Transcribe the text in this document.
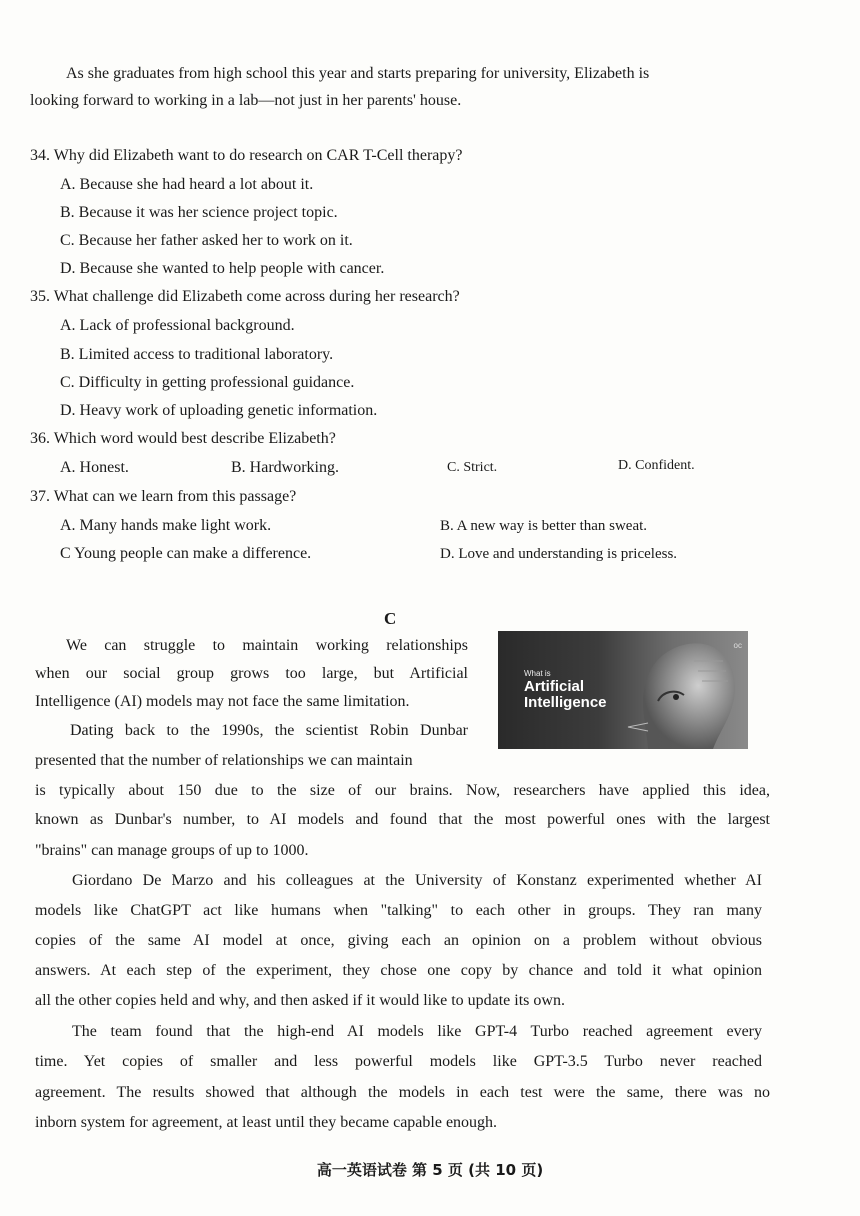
As she graduates from high school this year and starts preparing for university, Elizabeth is
looking forward to working in a lab—not just in her parents' house.
34. Why did Elizabeth want to do research on CAR T-Cell therapy?
A. Because she had heard a lot about it.
B. Because it was her science project topic.
C. Because her father asked her to work on it.
D. Because she wanted to help people with cancer.
35. What challenge did Elizabeth come across during her research?
A. Lack of professional background.
B. Limited access to traditional laboratory.
C. Difficulty in getting professional guidance.
D. Heavy work of uploading genetic information.
36. Which word would best describe Elizabeth?
A. Honest.	B. Hardworking.	C. Strict.	D. Confident.
37. What can we learn from this passage?
A. Many hands make light work.	B. A new way is better than sweat.
C Young people can make a difference.	D. Love and understanding is priceless.
C
What is
Artificial
Intelligence
ос
We can struggle to maintain working relationships
when our social group grows too large, but Artificial
Intelligence (AI) models may not face the same limitation.
Dating back to the 1990s, the scientist Robin Dunbar
presented that the number of relationships we can maintain
is typically about 150 due to the size of our brains. Now, researchers have applied this idea,
known as Dunbar's number, to AI models and found that the most powerful ones with the largest
"brains" can manage groups of up to 1000.
Giordano De Marzo and his colleagues at the University of Konstanz experimented whether AI
models like ChatGPT act like humans when "talking" to each other in groups. They ran many
copies of the same AI model at once, giving each an opinion on a problem without obvious
answers. At each step of the experiment, they chose one copy by chance and told it what opinion
all the other copies held and why, and then asked if it would like to update its own.
The team found that the high-end AI models like GPT-4 Turbo reached agreement every
time. Yet copies of smaller and less powerful models like GPT-3.5 Turbo never reached
agreement. The results showed that although the models in each test were the same, there was no
inborn system for agreement, at least until they became capable enough.
高一英语试卷 第 5 页 (共 10 页)
